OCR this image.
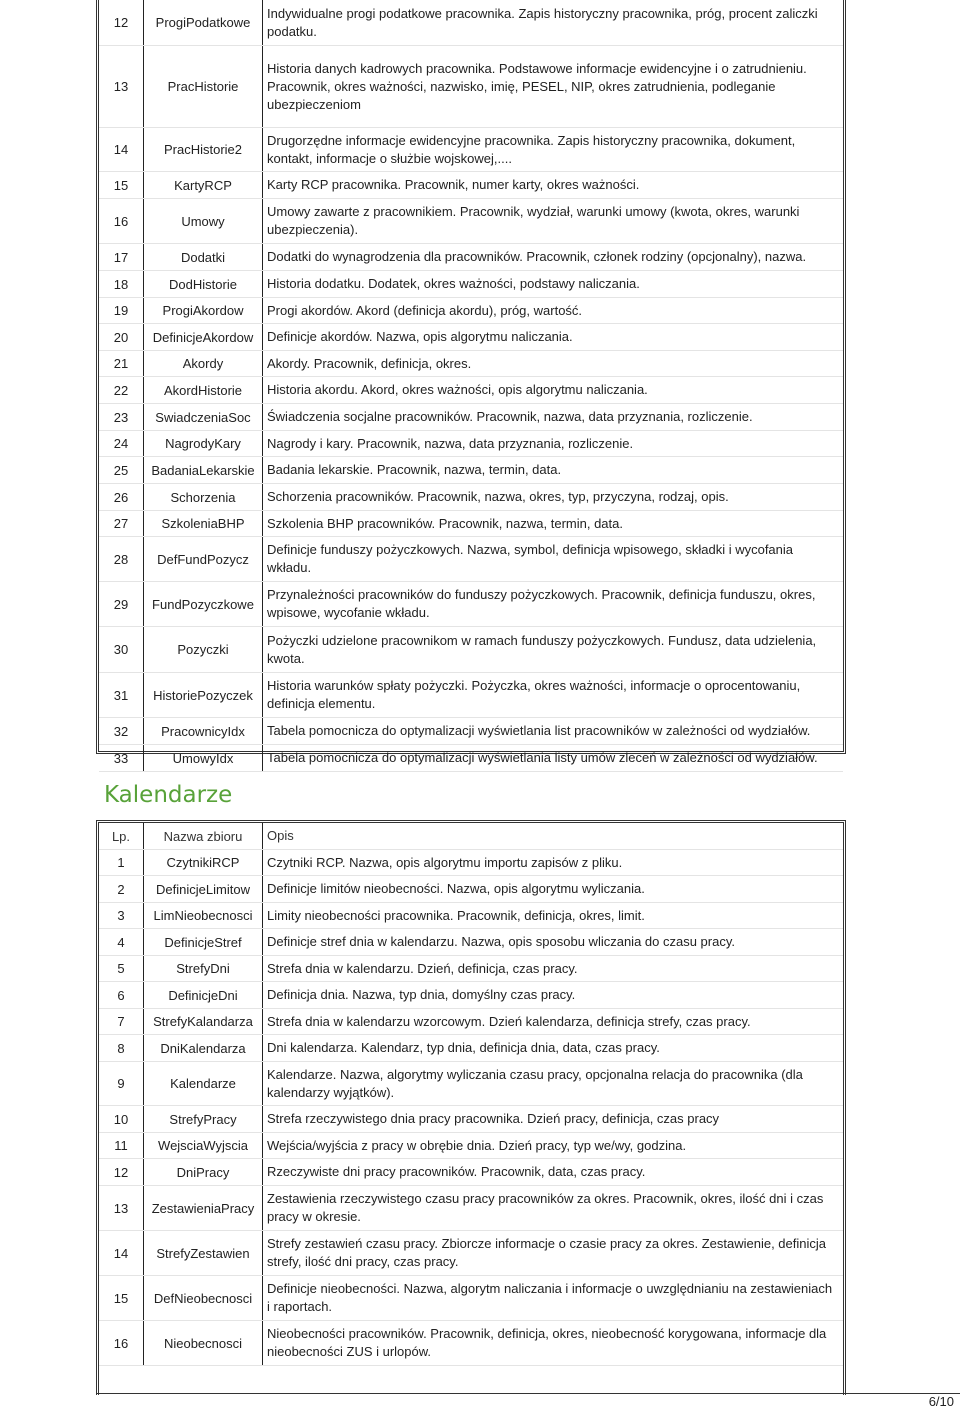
12	ProgiPodatkowe
Indywidualne progi podatkowe pracownika. Zapis historyczny pracownika, próg, procent zaliczki podatku.
13	PracHistorie
Historia danych kadrowych pracownika. Podstawowe informacje ewidencyjne i o zatrudnieniu. Pracownik, okres ważności, nazwisko, imię, PESEL, NIP, okres zatrudnienia, podleganie ubezpieczeniom
14	PracHistorie2
Drugorzędne informacje ewidencyjne pracownika. Zapis historyczny pracownika, dokument, kontakt, informacje o służbie wojskowej,....
15	KartyRCP	Karty RCP pracownika. Pracownik, numer karty, okres ważności.
16	Umowy
Umowy zawarte z pracownikiem. Pracownik, wydział, warunki umowy (kwota, okres, warunki ubezpieczenia).
17	Dodatki	Dodatki do wynagrodzenia dla pracowników. Pracownik, członek rodziny (opcjonalny), nazwa.
18	DodHistorie	Historia dodatku. Dodatek, okres ważności, podstawy naliczania.
19	ProgiAkordow	Progi akordów. Akord (definicja akordu), próg, wartość.
20	DefinicjeAkordow	Definicje akordów. Nazwa, opis algorytmu naliczania.
21	Akordy	Akordy. Pracownik, definicja, okres.
22	AkordHistorie	Historia akordu. Akord, okres ważności, opis algorytmu naliczania.
23	SwiadczeniaSoc	Świadczenia socjalne pracowników. Pracownik, nazwa, data przyznania, rozliczenie.
24	NagrodyKary	Nagrody i kary. Pracownik, nazwa, data przyznania, rozliczenie.
25	BadaniaLekarskie Badania lekarskie. Pracownik, nazwa, termin, data.
26	Schorzenia	Schorzenia pracowników. Pracownik, nazwa, okres, typ, przyczyna, rodzaj, opis.
27	SzkoleniaBHP	Szkolenia BHP pracowników. Pracownik, nazwa, termin, data.
28	DefFundPozycz
Definicje funduszy pożyczkowych. Nazwa, symbol, definicja wpisowego, składki i wycofania wkładu.
29	FundPozyczkowe
Przynależności pracowników do funduszy pożyczkowych. Pracownik, definicja funduszu, okres, wpisowe, wycofanie wkładu.
30	Pozyczki
Pożyczki udzielone pracownikom w ramach funduszy pożyczkowych. Fundusz, data udzielenia, kwota.
31	HistoriePozyczek
Historia warunków spłaty pożyczki. Pożyczka, okres ważności, informacje o oprocentowaniu, definicja elementu.
32	PracownicyIdx	Tabela pomocnicza do optymalizacji wyświetlania list pracowników w zależności od wydziałów.
33	UmowyIdx	Tabela pomocnicza do optymalizacji wyświetlania listy umów zleceń w zależności od wydziałów.
Kalendarze
Lp.	Nazwa zbioru	Opis
1	CzytnikiRCP	Czytniki RCP. Nazwa, opis algorytmu importu zapisów z pliku.
2	DefinicjeLimitow	Definicje limitów nieobecności. Nazwa, opis algorytmu wyliczania.
3	LimNieobecnosci	Limity nieobecności pracownika. Pracownik, definicja, okres, limit.
4	DefinicjeStref	Definicje stref dnia w kalendarzu. Nazwa, opis sposobu wliczania do czasu pracy.
5	StrefyDni	Strefa dnia w kalendarzu. Dzień, definicja, czas pracy.
6	DefinicjeDni	Definicja dnia. Nazwa, typ dnia, domyślny czas pracy.
7	StrefyKalandarza	Strefa dnia w kalendarzu wzorcowym. Dzień kalendarza, definicja strefy, czas pracy.
8	DniKalendarza	Dni kalendarza. Kalendarz, typ dnia, definicja dnia, data, czas pracy.
9	Kalendarze
Kalendarze. Nazwa, algorytmy wyliczania czasu pracy, opcjonalna relacja do pracownika (dla kalendarzy wyjątków).
10	StrefyPracy	Strefa rzeczywistego dnia pracy pracownika. Dzień pracy, definicja, czas pracy
11	WejsciaWyjscia	Wejścia/wyjścia z pracy w obrębie dnia. Dzień pracy, typ we/wy, godzina.
12	DniPracy	Rzeczywiste dni pracy pracowników. Pracownik, data, czas pracy.
13	ZestawieniaPracy
Zestawienia rzeczywistego czasu pracy pracowników za okres. Pracownik, okres, ilość dni i czas pracy w okresie.
14	StrefyZestawien
Strefy zestawień czasu pracy. Zbiorcze informacje o czasie pracy za okres. Zestawienie, definicja strefy, ilość dni pracy, czas pracy.
15	DefNieobecnosci
Definicje nieobecności. Nazwa, algorytm naliczania i informacje o uwzględnianiu na zestawieniach i raportach.
16	Nieobecnosci
Nieobecności pracowników. Pracownik, definicja, okres, nieobecność korygowana, informacje dla nieobecności ZUS i urlopów.
6/10
